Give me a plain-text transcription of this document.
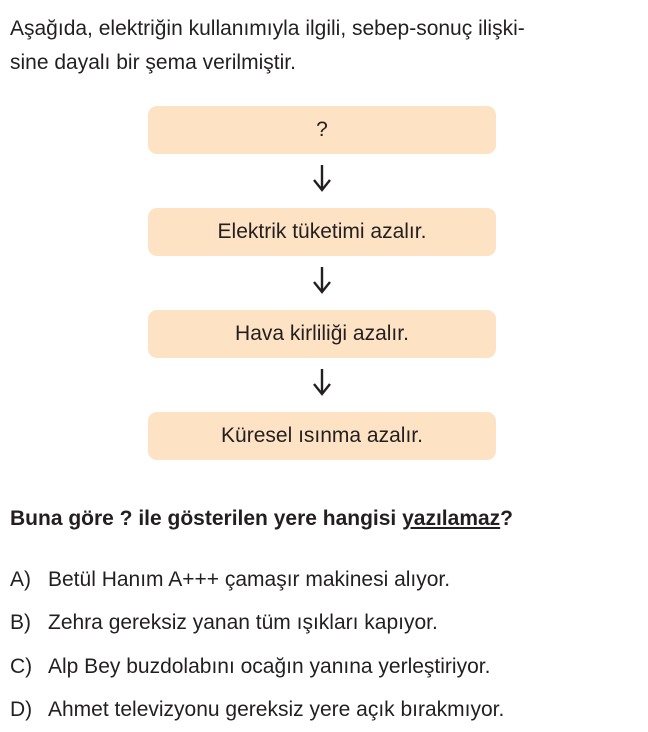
Aşağıda, elektriğin kullanımıyla ilgili, sebep-sonuç ilişki-
sine dayalı bir şema verilmiştir.

?
Elektrik tüketimi azalır.
Hava kirliliği azalır.
Küresel ısınma azalır.

Buna göre ? ile gösterilen yere hangisi yazılamaz?

A) Betül Hanım A+++ çamaşır makinesi alıyor.
B) Zehra gereksiz yanan tüm ışıkları kapıyor.
C) Alp Bey buzdolabını ocağın yanına yerleştiriyor.
D) Ahmet televizyonu gereksiz yere açık bırakmıyor.
